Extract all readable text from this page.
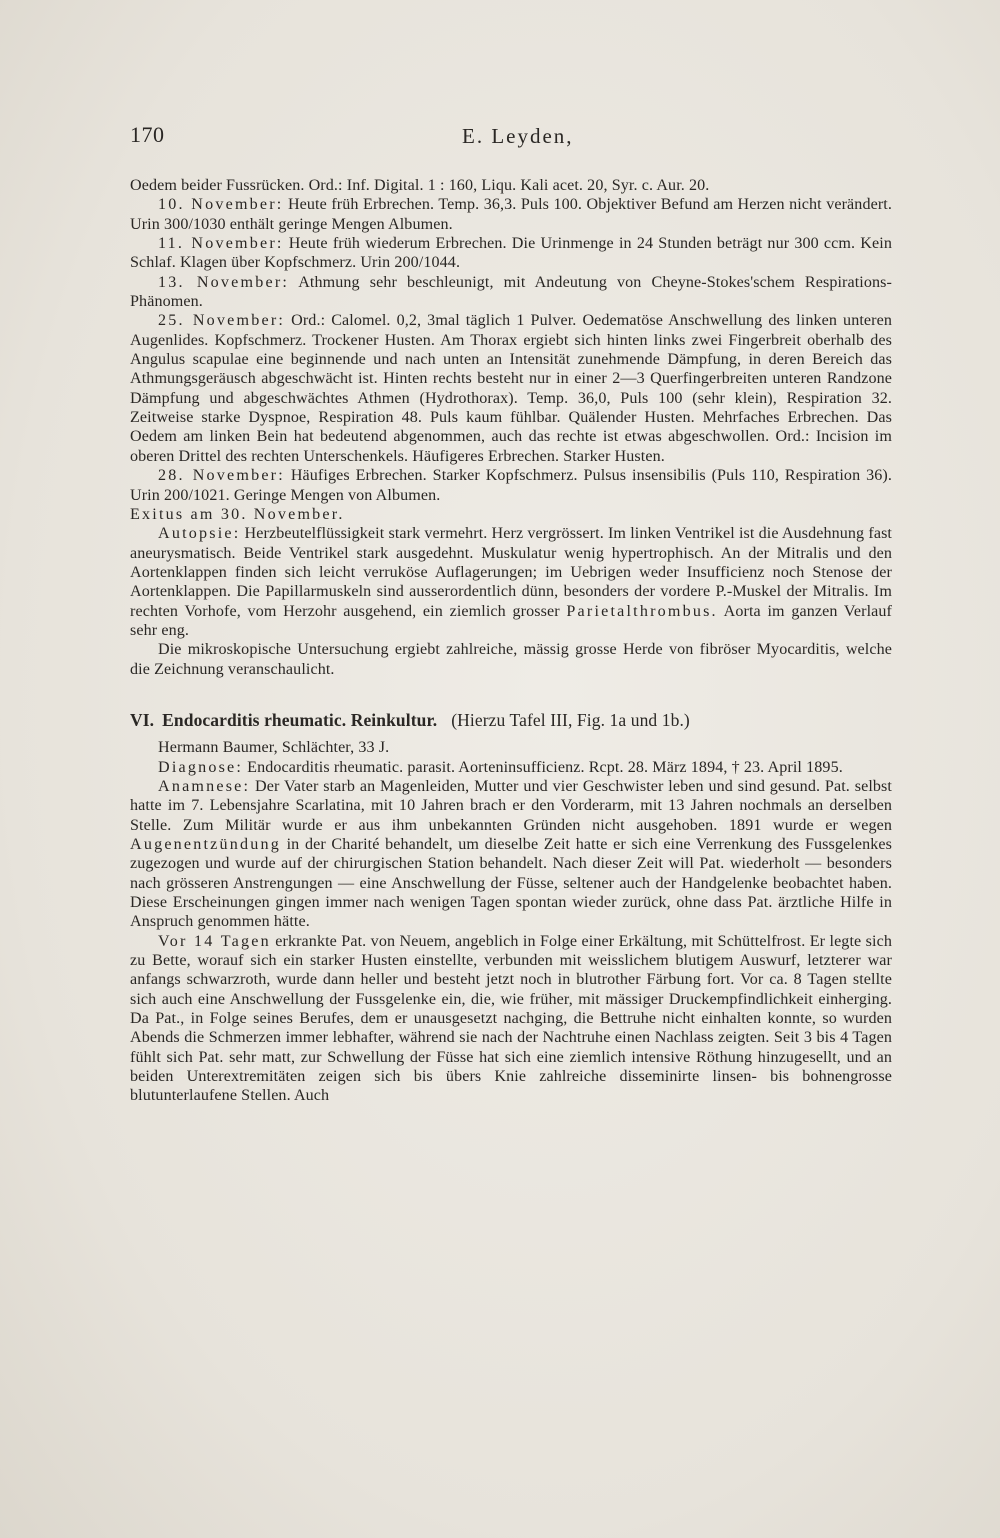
170	E. Leyden,

Oedem beider Fussrücken. Ord.: Inf. Digital. 1 : 160, Liqu. Kali acet. 20, Syr. c. Aur. 20.

10. November: Heute früh Erbrechen. Temp. 36,3. Puls 100. Objektiver Befund am Herzen nicht verändert. Urin 300/1030 enthält geringe Mengen Albumen.

11. November: Heute früh wiederum Erbrechen. Die Urinmenge in 24 Stunden beträgt nur 300 ccm. Kein Schlaf. Klagen über Kopfschmerz. Urin 200/1044.

13. November: Athmung sehr beschleunigt, mit Andeutung von Cheyne-Stokes'schem Respirations-Phänomen.

25. November: Ord.: Calomel. 0,2, 3mal täglich 1 Pulver. Oedematöse Anschwellung des linken unteren Augenlides. Kopfschmerz. Trockener Husten. Am Thorax ergiebt sich hinten links zwei Fingerbreit oberhalb des Angulus scapulae eine beginnende und nach unten an Intensität zunehmende Dämpfung, in deren Bereich das Athmungsgeräusch abgeschwächt ist. Hinten rechts besteht nur in einer 2—3 Querfingerbreiten unteren Randzone Dämpfung und abgeschwächtes Athmen (Hydrothorax). Temp. 36,0, Puls 100 (sehr klein), Respiration 32. Zeitweise starke Dyspnoe, Respiration 48. Puls kaum fühlbar. Quälender Husten. Mehrfaches Erbrechen. Das Oedem am linken Bein hat bedeutend abgenommen, auch das rechte ist etwas abgeschwollen. Ord.: Incision im oberen Drittel des rechten Unterschenkels. Häufigeres Erbrechen. Starker Husten.

28. November: Häufiges Erbrechen. Starker Kopfschmerz. Pulsus insensibilis (Puls 110, Respiration 36). Urin 200/1021. Geringe Mengen von Albumen.

Exitus am 30. November.

Autopsie: Herzbeutelflüssigkeit stark vermehrt. Herz vergrössert. Im linken Ventrikel ist die Ausdehnung fast aneurysmatisch. Beide Ventrikel stark ausgedehnt. Muskulatur wenig hypertrophisch. An der Mitralis und den Aortenklappen finden sich leicht verruköse Auflagerungen; im Uebrigen weder Insufficienz noch Stenose der Aortenklappen. Die Papillarmuskeln sind ausserordentlich dünn, besonders der vordere P.-Muskel der Mitralis. Im rechten Vorhofe, vom Herzohr ausgehend, ein ziemlich grosser Parietalthrombus. Aorta im ganzen Verlauf sehr eng.

Die mikroskopische Untersuchung ergiebt zahlreiche, mässig grosse Herde von fibröser Myocarditis, welche die Zeichnung veranschaulicht.

VI. Endocarditis rheumatic. Reinkultur. (Hierzu Tafel III, Fig. 1a und 1b.)

Hermann Baumer, Schlächter, 33 J.

Diagnose: Endocarditis rheumatic. parasit. Aorteninsufficienz. Rcpt. 28. März 1894, † 23. April 1895.

Anamnese: Der Vater starb an Magenleiden, Mutter und vier Geschwister leben und sind gesund. Pat. selbst hatte im 7. Lebensjahre Scarlatina, mit 10 Jahren brach er den Vorderarm, mit 13 Jahren nochmals an derselben Stelle. Zum Militär wurde er aus ihm unbekannten Gründen nicht ausgehoben. 1891 wurde er wegen Augenentzündung in der Charité behandelt, um dieselbe Zeit hatte er sich eine Verrenkung des Fussgelenkes zugezogen und wurde auf der chirurgischen Station behandelt. Nach dieser Zeit will Pat. wiederholt — besonders nach grösseren Anstrengungen — eine Anschwellung der Füsse, seltener auch der Handgelenke beobachtet haben. Diese Erscheinungen gingen immer nach wenigen Tagen spontan wieder zurück, ohne dass Pat. ärztliche Hilfe in Anspruch genommen hätte.

Vor 14 Tagen erkrankte Pat. von Neuem, angeblich in Folge einer Erkältung, mit Schüttelfrost. Er legte sich zu Bette, worauf sich ein starker Husten einstellte, verbunden mit weisslichem blutigem Auswurf, letzterer war anfangs schwarzroth, wurde dann heller und besteht jetzt noch in blutrother Färbung fort. Vor ca. 8 Tagen stellte sich auch eine Anschwellung der Fussgelenke ein, die, wie früher, mit mässiger Druckempfindlichkeit einherging. Da Pat., in Folge seines Berufes, dem er unausgesetzt nachging, die Bettruhe nicht einhalten konnte, so wurden Abends die Schmerzen immer lebhafter, während sie nach der Nachtruhe einen Nachlass zeigten. Seit 3 bis 4 Tagen fühlt sich Pat. sehr matt, zur Schwellung der Füsse hat sich eine ziemlich intensive Röthung hinzugesellt, und an beiden Unterextremitäten zeigen sich bis übers Knie zahlreiche disseminirte linsen- bis bohnengrosse blutunterlaufene Stellen. Auch
